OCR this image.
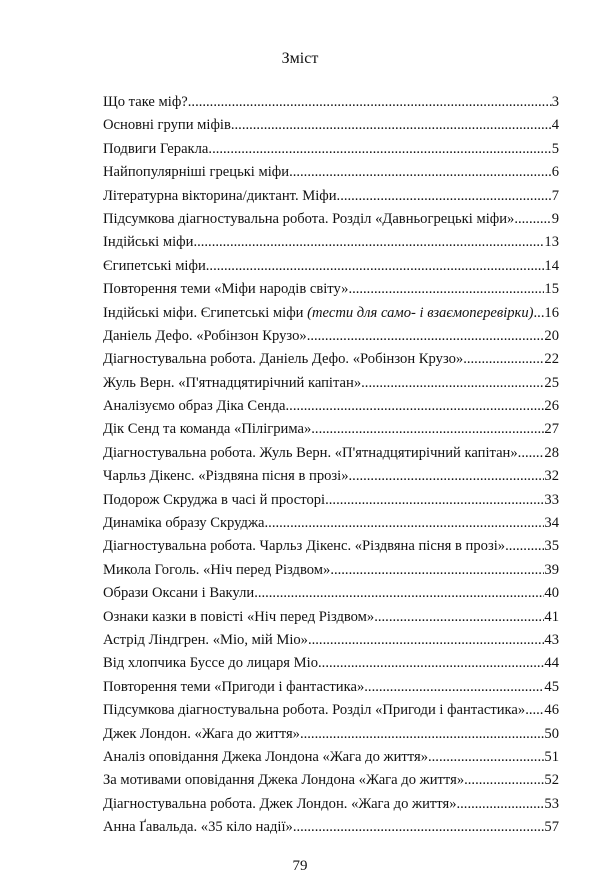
Зміст
Що таке міф? .....	3
Основні групи міфів .....	4
Подвиги Геракла .....	5
Найпопулярніші грецькі міфи .....	6
Літературна вікторина/диктант. Міфи .....	7
Підсумкова діагностувальна робота. Розділ «Давньогрецькі міфи» .....	9
Індійські міфи .....	13
Єгипетські міфи .....	14
Повторення теми «Міфи народів світу» .....	15
Індійські міфи. Єгипетські міфи (тести для само- і взаємоперевірки) ..... 16
Даніель Дефо. «Робінзон Крузо» .....	20
Діагностувальна робота. Даніель Дефо. «Робінзон Крузо» .....	22
Жуль Верн. «П'ятнадцятирічний капітан» .....	25
Аналізуємо образ Діка Сенда .....	26
Дік Сенд та команда «Пілігрима» .....	27
Діагностувальна робота. Жуль Верн. «П'ятнадцятирічний капітан» ..... 28
Чарльз Дікенс. «Різдвяна пісня в прозі» .....	32
Подорож Скруджа в часі й просторі .....	33
Динаміка образу Скруджа .....	34
Діагностувальна робота. Чарльз Дікенс. «Різдвяна пісня в прозі» .....	35
Микола Гоголь. «Ніч перед Різдвом» .....	39
Образи Оксани і Вакули .....	40
Ознаки казки в повісті «Ніч перед Різдвом» .....	41
Астрід Ліндгрен. «Міо, мій Міо» .....	43
Від хлопчика Буссе до лицаря Міо .....	44
Повторення теми «Пригоди і фантастика» .....	45
Підсумкова діагностувальна робота. Розділ «Пригоди і фантастика» ..... 46
Джек Лондон. «Жага до життя» .....	50
Аналіз оповідання Джека Лондона «Жага до життя» .....	51
За мотивами оповідання Джека Лондона «Жага до життя» .....	52
Діагностувальна робота. Джек Лондон. «Жага до життя» .....	53
Анна Ґавальда. «35 кіло надії» .....	57
79
